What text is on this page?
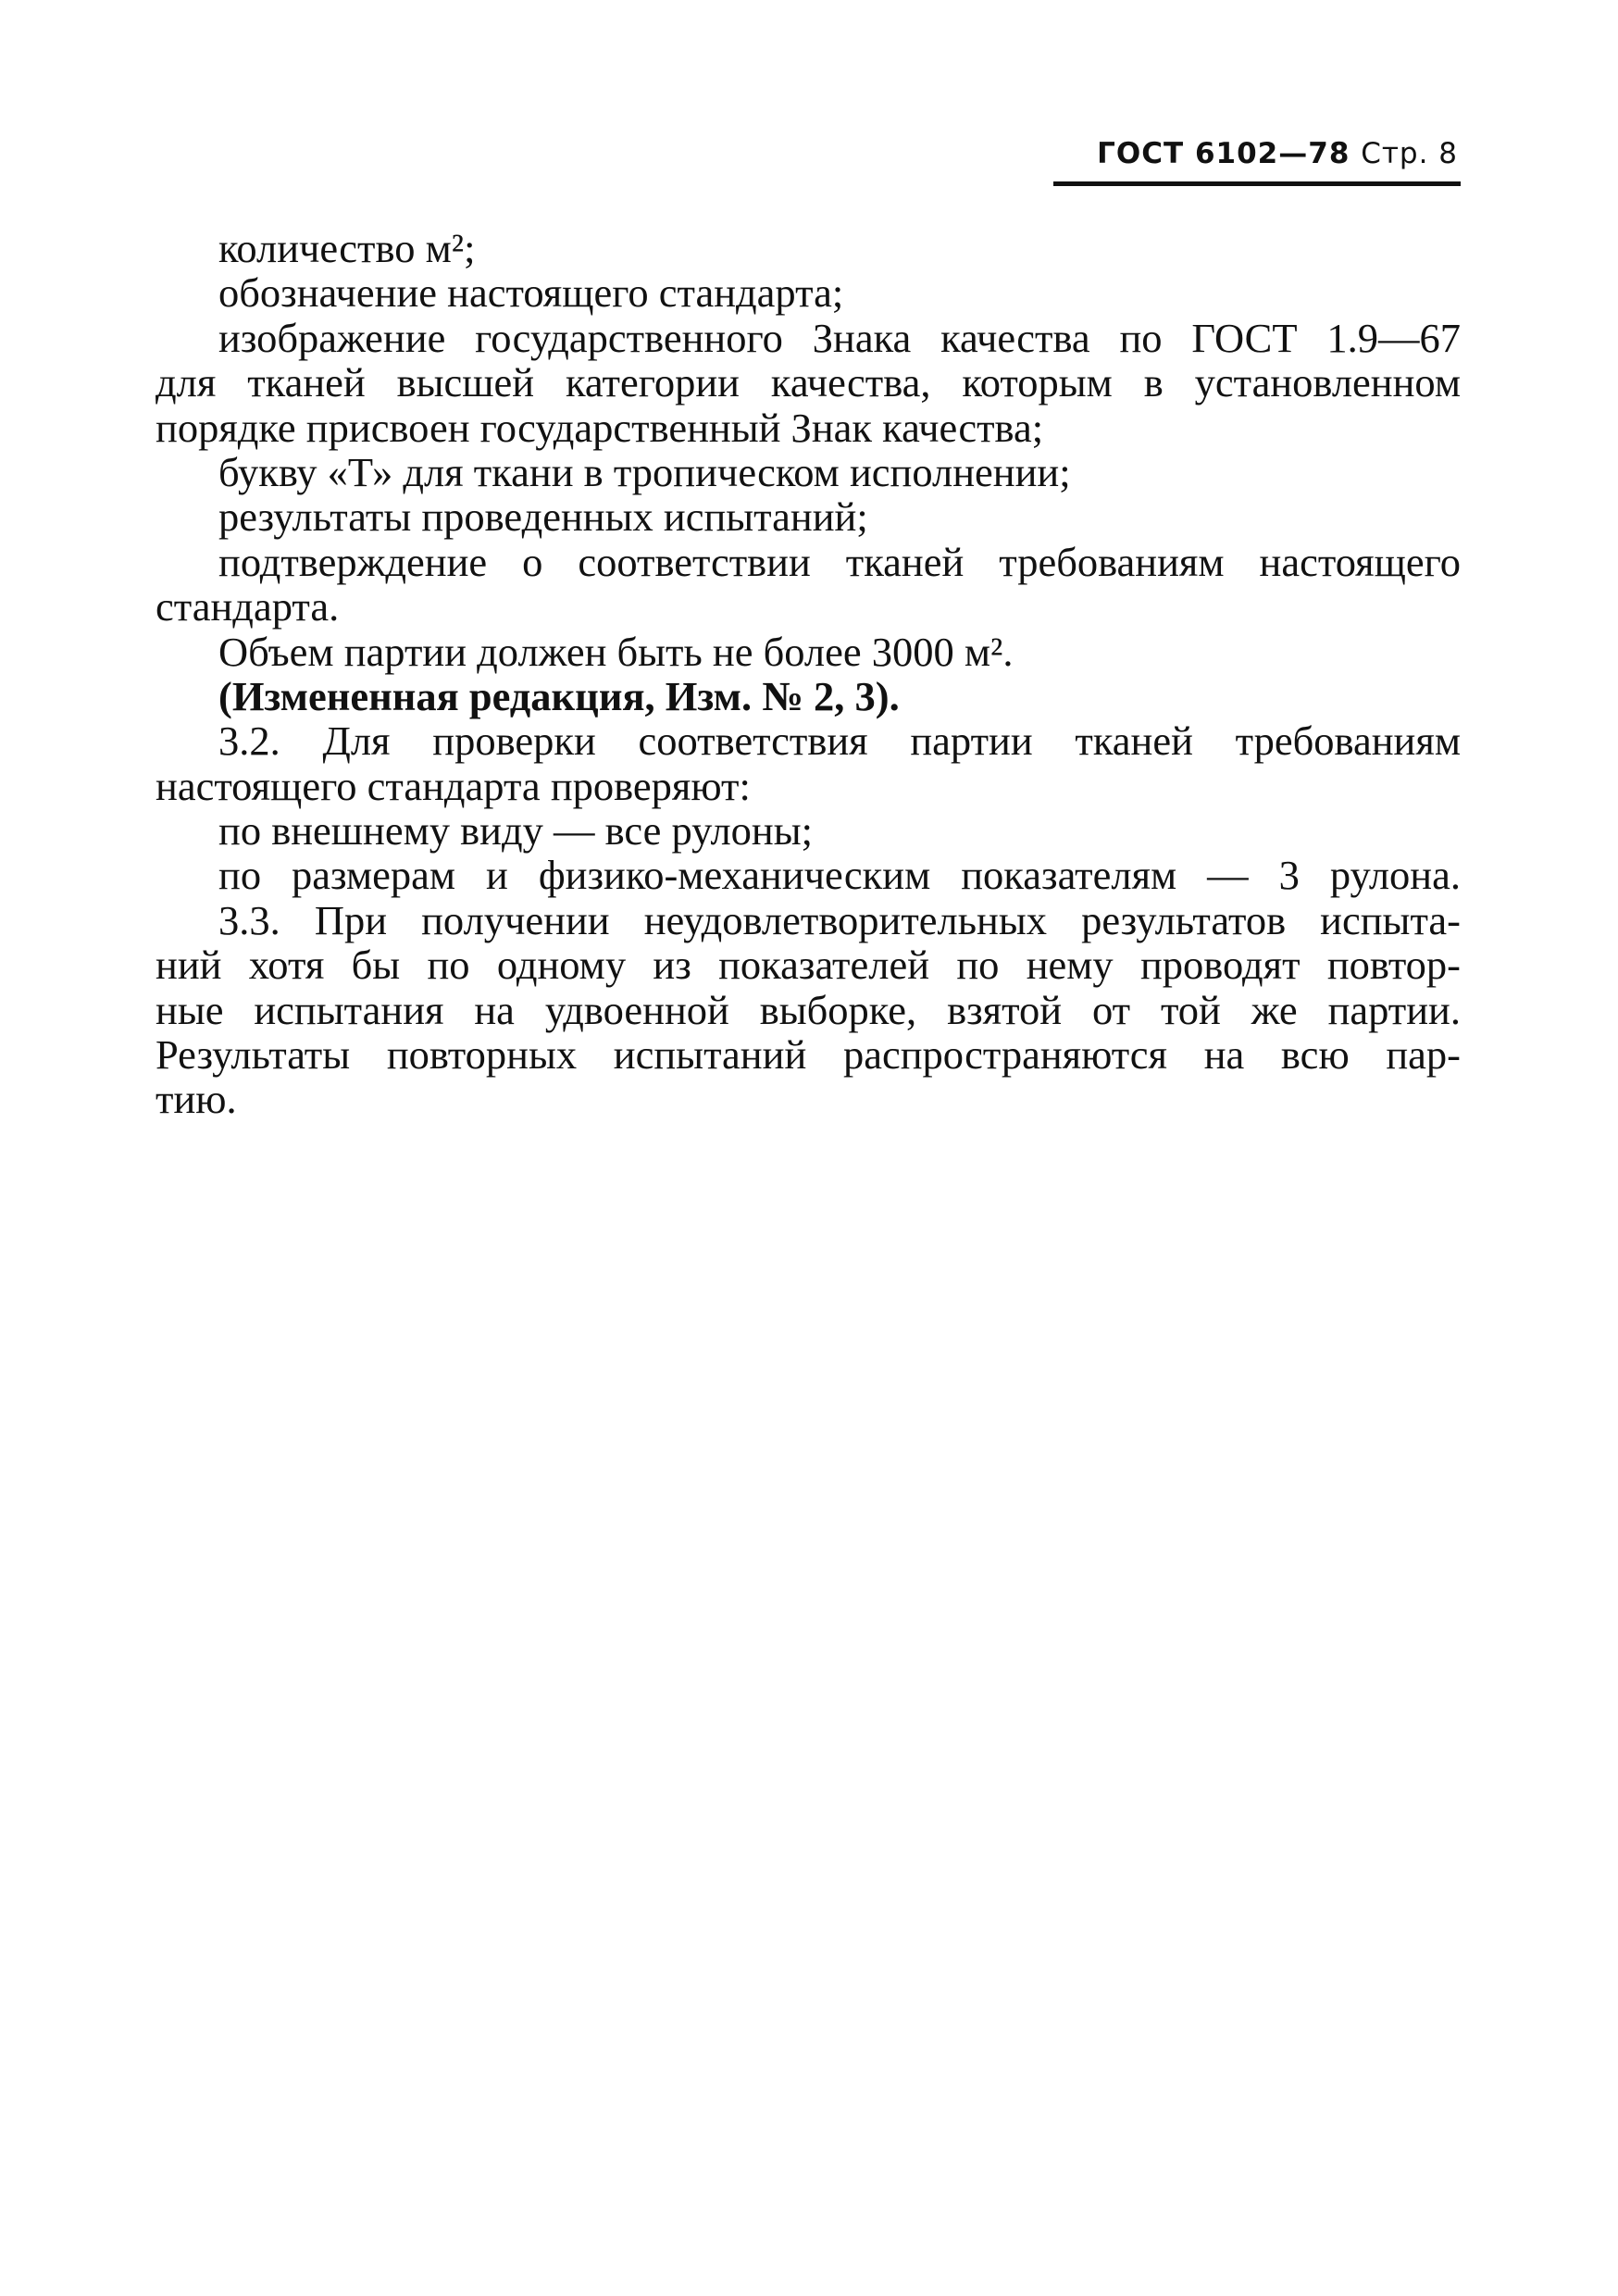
ГОСТ 6102—78 Стр. 8
количество м²;
обозначение настоящего стандарта;
изображение государственного Знака качества по ГОСТ 1.9—67
для тканей высшей категории качества, которым в установленном
порядке присвоен государственный Знак качества;
букву «Т» для ткани в тропическом исполнении;
результаты проведенных испытаний;
подтверждение о соответствии тканей требованиям настоящего
стандарта.
Объем партии должен быть не более 3000 м².
(Измененная редакция, Изм. № 2, 3).
3.2. Для проверки соответствия партии тканей требованиям
настоящего стандарта проверяют:
по внешнему виду — все рулоны;
по размерам и физико-механическим показателям — 3 рулона.
3.3. При получении неудовлетворительных результатов испыта-
ний хотя бы по одному из показателей по нему проводят повтор-
ные испытания на удвоенной выборке, взятой от той же партии.
Результаты повторных испытаний распространяются на всю пар-
тию.
